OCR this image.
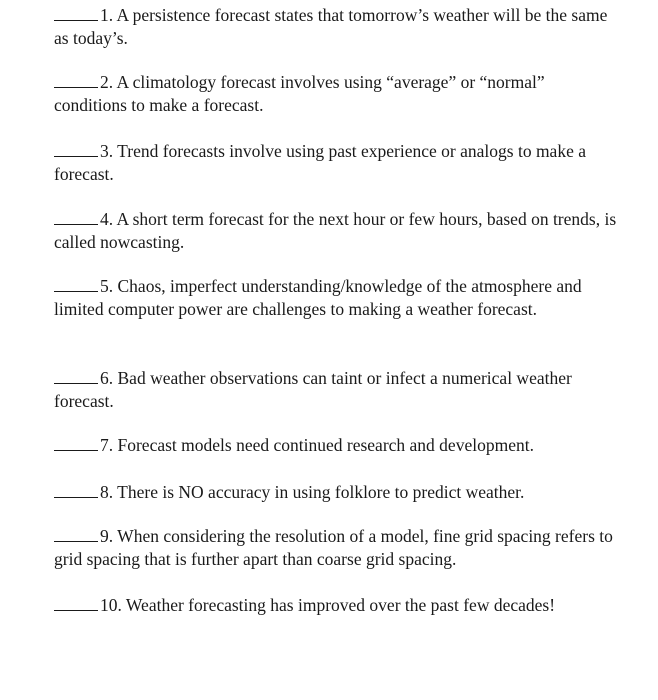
1. A persistence forecast states that tomorrow’s weather will be the same as today’s.

2. A climatology forecast involves using “average” or “normal” conditions to make a forecast.

3. Trend forecasts involve using past experience or analogs to make a forecast.

4. A short term forecast for the next hour or few hours, based on trends, is called nowcasting.

5. Chaos, imperfect understanding/knowledge of the atmosphere and limited computer power are challenges to making a weather forecast.

6. Bad weather observations can taint or infect a numerical weather forecast.

7. Forecast models need continued research and development.

8. There is NO accuracy in using folklore to predict weather.

9. When considering the resolution of a model, fine grid spacing refers to grid spacing that is further apart than coarse grid spacing.

10. Weather forecasting has improved over the past few decades!
